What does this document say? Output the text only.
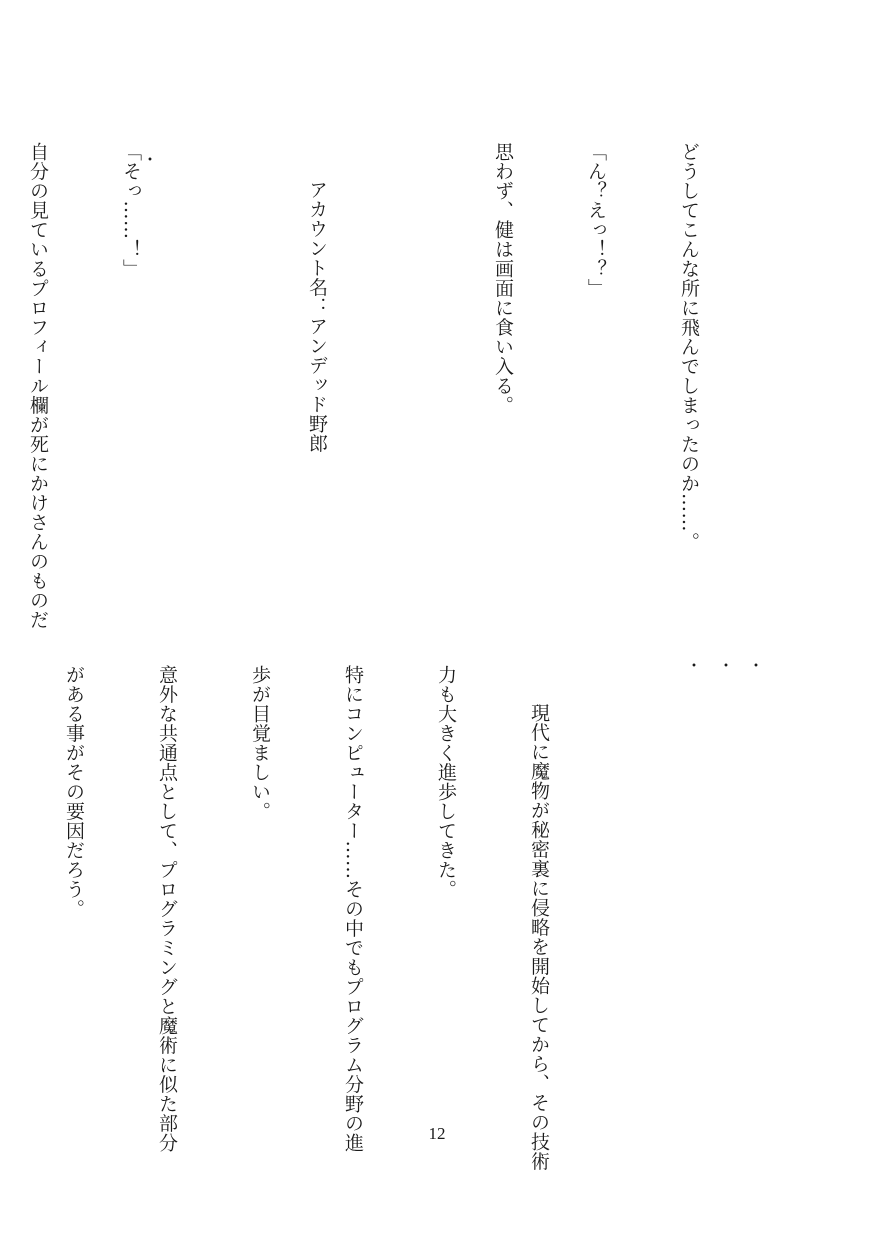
どうしてこんな所に飛んでしまったのか……。

「ん？えっ！？」

思わず、健は画面に食い入る。

アカウント名：アンデッド野郎

「そっ……！」

自分の見ているプロフィール欄が死にかけさんのものだ

	・
・
・
・

現代に魔物が秘密裏に侵略を開始してから、その技術

力も大きく進歩してきた。

特にコンピューター……その中でもプログラム分野の進

歩が目覚ましい。

意外な共通点として、プログラミングと魔術に似た部分

がある事がその要因だろう。

12
